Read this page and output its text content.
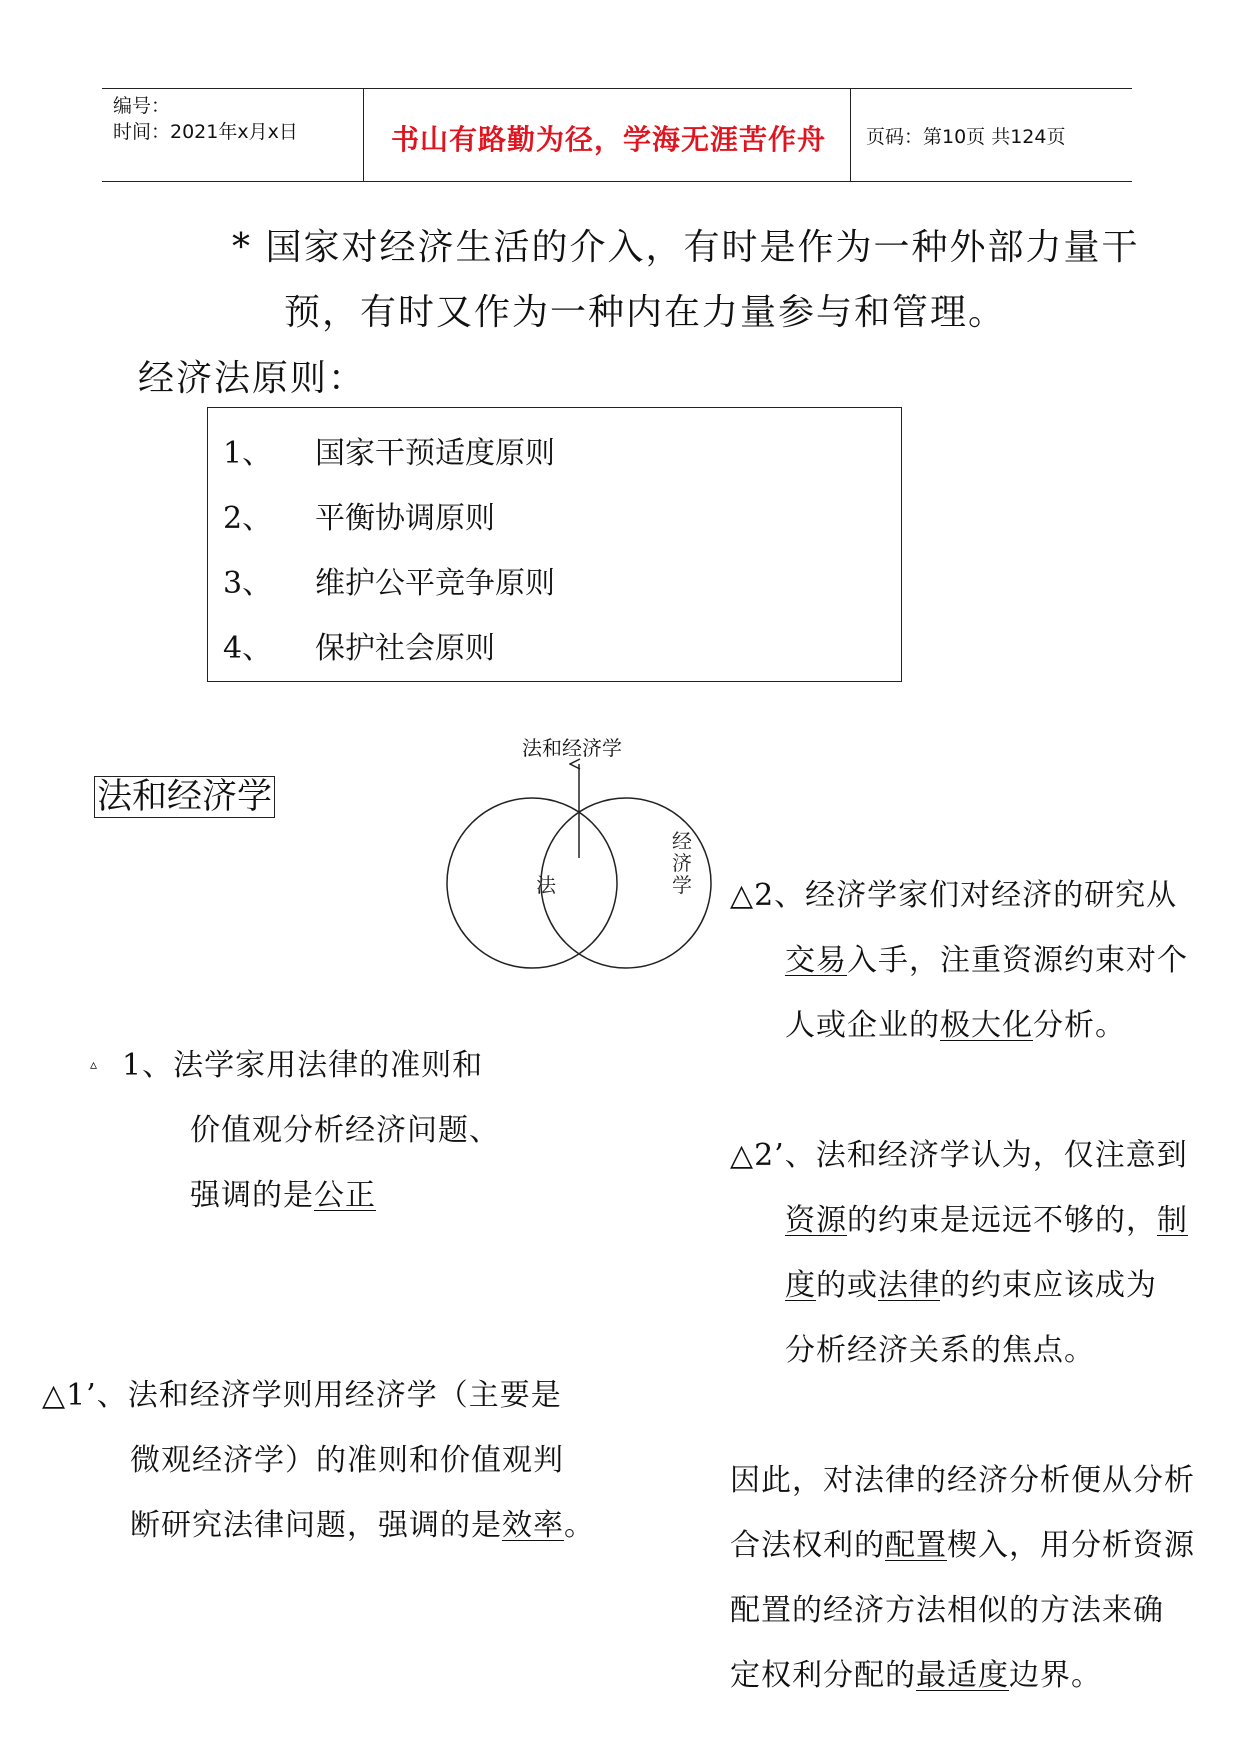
编号：
时间：2021年x月x日	书山有路勤为径，学海无涯苦作舟 页码：第10页 共124页
* 国家对经济生活的介入，有时是作为一种外部力量干
预，有时又作为一种内在力量参与和管理。
经济法原则：
1、 国家干预适度原则
2、 平衡协调原则
3、 维护公平竞争原则
4、 保护社会原则
法
经
济
学
法和经济学
法和经济学
▵ 1、法学家用法律的准则和
价值观分析经济问题、
强调的是公正
△1’、法和经济学则用经济学（主要是
微观经济学）的准则和价值观判
断研究法律问题，强调的是效率。
△2、经济学家们对经济的研究从
交易入手，注重资源约束对个
人或企业的极大化分析。
△2’、法和经济学认为，仅注意到
资源的约束是远远不够的，制
度的或法律的约束应该成为
分析经济关系的焦点。
因此，对法律的经济分析便从分析
合法权利的配置楔入，用分析资源
配置的经济方法相似的方法来确
定权利分配的最适度边界。
